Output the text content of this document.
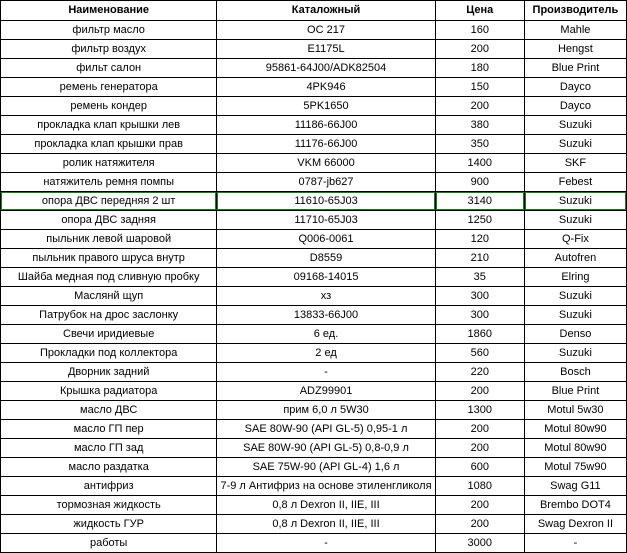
Наименование	Каталожный	Цена	Производитель
фильтр масло	OC 217	160	Mahle
фильтр воздух	E1175L	200	Hengst
фильт салон	95861-64J00/ADK82504	180	Blue Print
ремень генератора	4PK946	150	Dayco
ремень кондер	5PK1650	200	Dayco
прокладка клап крышки лев	11186-66J00	380	Suzuki
прокладка клап крышки прав	11176-66J00	350	Suzuki
ролик натяжителя	VKM 66000	1400	SKF
натяжитель ремня помпы	0787-jb627	900	Febest
опора ДВС передняя 2 шт	11610-65J03	3140	Suzuki
опора ДВС задняя	11710-65J03	1250	Suzuki
пыльник левой шаровой	Q006-0061	120	Q-Fix
пыльник правого шруса внутр	D8559	210	Autofren
Шайба медная под сливную пробку	09168-14015	35	Elring
Маслянй щуп	хз	300	Suzuki
Патрубок на дрос заслонку	13833-66J00	300	Suzuki
Свечи иридиевые	6 ед.	1860	Denso
Прокладки под коллектора	2 ед	560	Suzuki
Дворник задний	-	220	Bosch
Крышка радиатора	ADZ99901	200	Blue Print
масло ДВС	прим 6,0 л 5W30	1300	Motul 5w30
масло ГП пер	SAE 80W-90 (API GL-5) 0,95-1 л	200	Motul 80w90
масло ГП зад	SAE 80W-90 (API GL-5) 0,8-0,9 л	200	Motul 80w90
масло раздатка	SAE 75W-90 (API GL-4) 1,6 л	600	Motul 75w90
антифриз	7-9 л Антифриз на основе этиленгликоля	1080	Swag G11
тормозная жидкость	0,8 л Dexron II, IIE, III	200	Brembo DOT4
жидкость ГУР	0,8 л Dexron II, IIE, III	200	Swag Dexron II
работы	-	3000	-
